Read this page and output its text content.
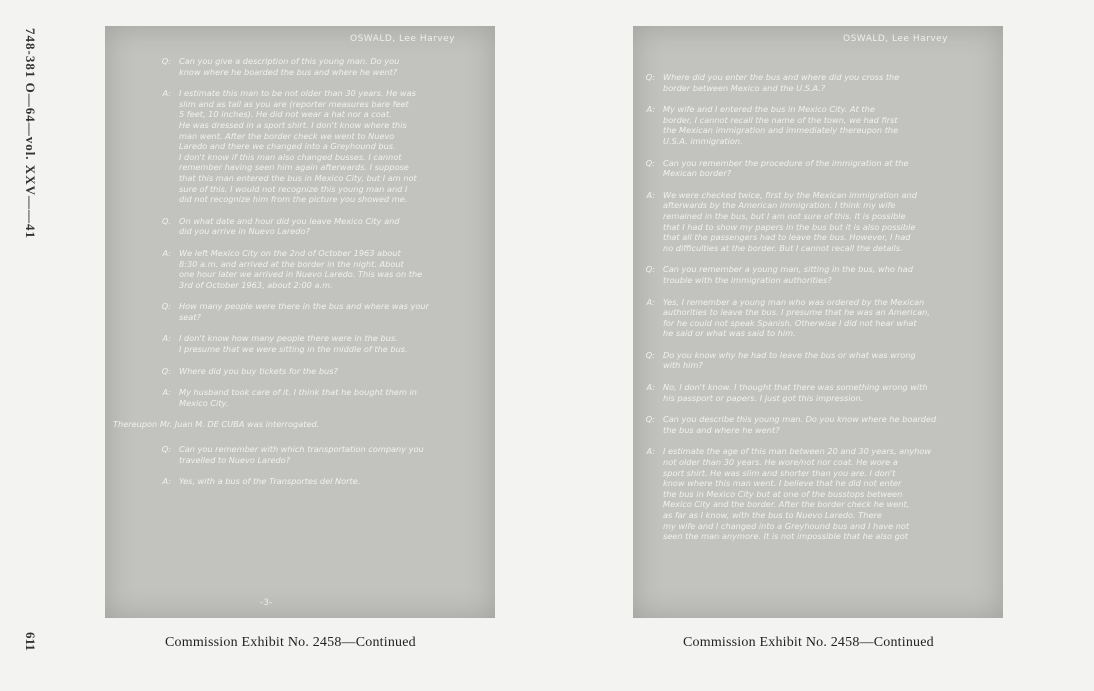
748-381 O—64—vol. XXV——41
611
OSWALD, Lee Harvey
Q: Can you give a description of this young man. Do you
know where he boarded the bus and where he went?
A: I estimate this man to be not older than 30 years. He was
slim and as tall as you are (reporter measures bare feet
5 feet, 10 inches). He did not wear a hat nor a coat.
He was dressed in a sport shirt. I don't know where this
man went. After the border check we went to Nuevo
Laredo and there we changed into a Greyhound bus.
I don't know if this man also changed busses. I cannot
remember having seen him again afterwards. I suppose
that this man entered the bus in Mexico City, but I am not
sure of this. I would not recognize this young man and I
did not recognize him from the picture you showed me.
Q. On what date and hour did you leave Mexico City and
did you arrive in Nuevo Laredo?
A: We left Mexico City on the 2nd of October 1963 about
8:30 a.m. and arrived at the border in the night. About
one hour later we arrived in Nuevo Laredo. This was on the
3rd of October 1963, about 2:00 a.m.
Q: How many people were there in the bus and where was your
seat?
A: I don't know how many people there were in the bus.
I presume that we were sitting in the middle of the bus.
Q: Where did you buy tickets for the bus?
A: My husband took care of it. I think that he bought them in
Mexico City.
Thereupon Mr. Juan M. DE CUBA was interrogated.
Q: Can you remember with which transportation company you
travelled to Nuevo Laredo?
A: Yes, with a bus of the Transportes del Norte.
-3-
OSWALD, Lee Harvey
Q: Where did you enter the bus and where did you cross the
border between Mexico and the U.S.A.?
A: My wife and I entered the bus in Mexico City. At the
border, I cannot recall the name of the town, we had first
the Mexican immigration and immediately thereupon the
U.S.A. immigration.
Q: Can you remember the procedure of the immigration at the
Mexican border?
A: We were checked twice, first by the Mexican immigration and
afterwards by the American immigration. I think my wife
remained in the bus, but I am not sure of this. It is possible
that I had to show my papers in the bus but it is also possible
that all the passengers had to leave the bus. However, I had
no difficulties at the border. But I cannot recall the details.
Q: Can you remember a young man, sitting in the bus, who had
trouble with the immigration authorities?
A: Yes, I remember a young man who was ordered by the Mexican
authorities to leave the bus. I presume that he was an American,
for he could not speak Spanish. Otherwise I did not hear what
he said or what was said to him.
Q: Do you know why he had to leave the bus or what was wrong
with him?
A: No, I don't know. I thought that there was something wrong with
his passport or papers. I just got this impression.
Q: Can you describe this young man. Do you know where he boarded
the bus and where he went?
A: I estimate the age of this man between 20 and 30 years, anyhow
not older than 30 years. He wore/not nor coat. He wore a
sport shirt. He was slim and shorter than you are. I don't
know where this man went. I believe that he did not enter
the bus in Mexico City but at one of the busstops between
Mexico City and the border. After the border check he went,
as far as I know, with the bus to Nuevo Laredo. There
my wife and I changed into a Greyhound bus and I have not
seen the man anymore. It is not impossible that he also got
Commission Exhibit No. 2458—Continued	Commission Exhibit No. 2458—Continued
